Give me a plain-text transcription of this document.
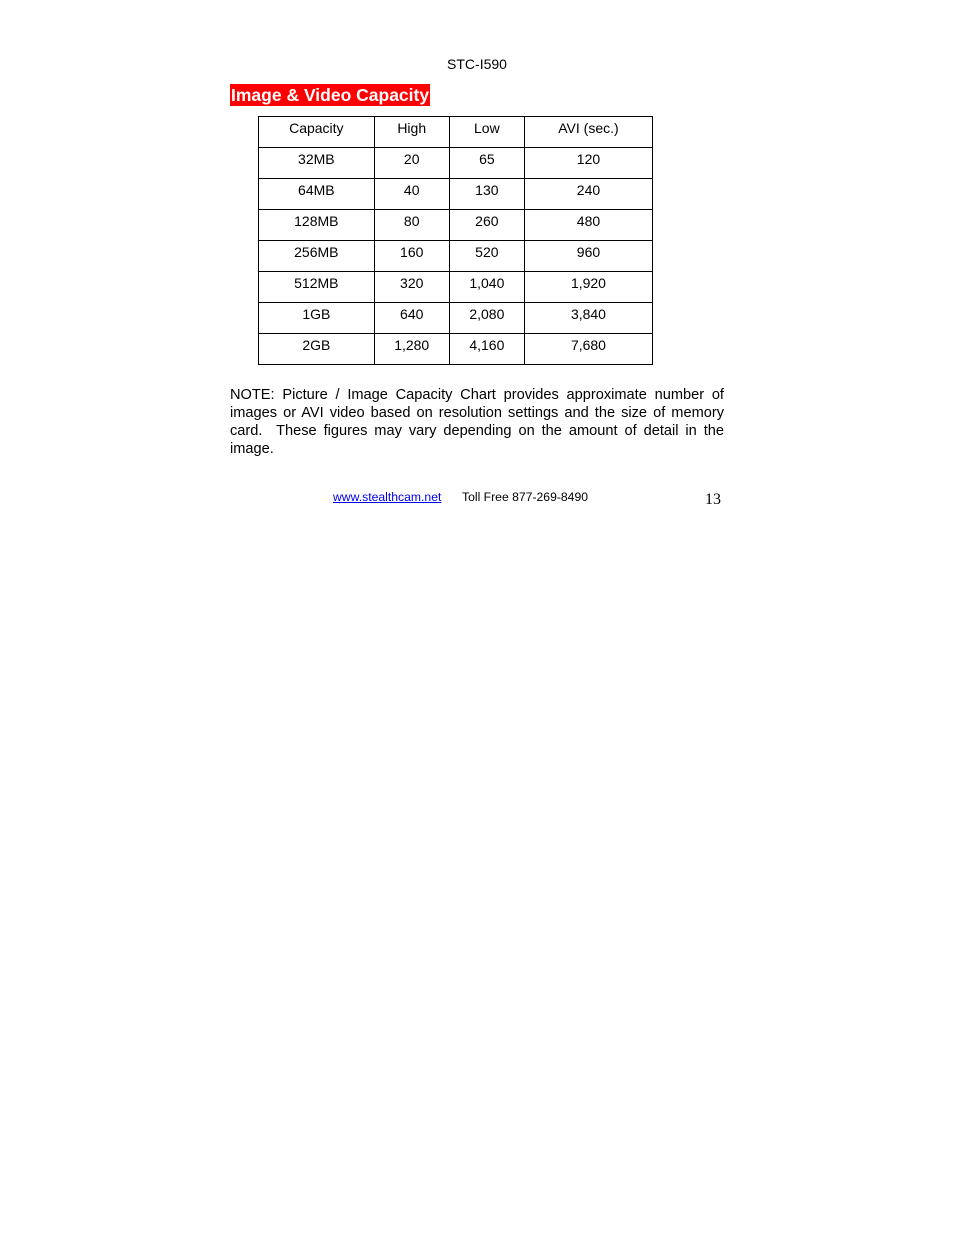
STC-I590
Image & Video Capacity
Capacity	High	Low	AVI (sec.)

32MB	20	65	120

64MB	40	130	240

128MB	80	260	480

256MB	160	520	960

512MB	320	1,040	1,920

1GB	640	2,080	3,840

2GB	1,280	4,160	7,680
NOTE: Picture / Image Capacity Chart provides approximate number of images or AVI video based on resolution settings and the size of memory card.  These figures may vary depending on the amount of detail in the image.
www.stealthcam.net Toll Free 877-269-8490	13
